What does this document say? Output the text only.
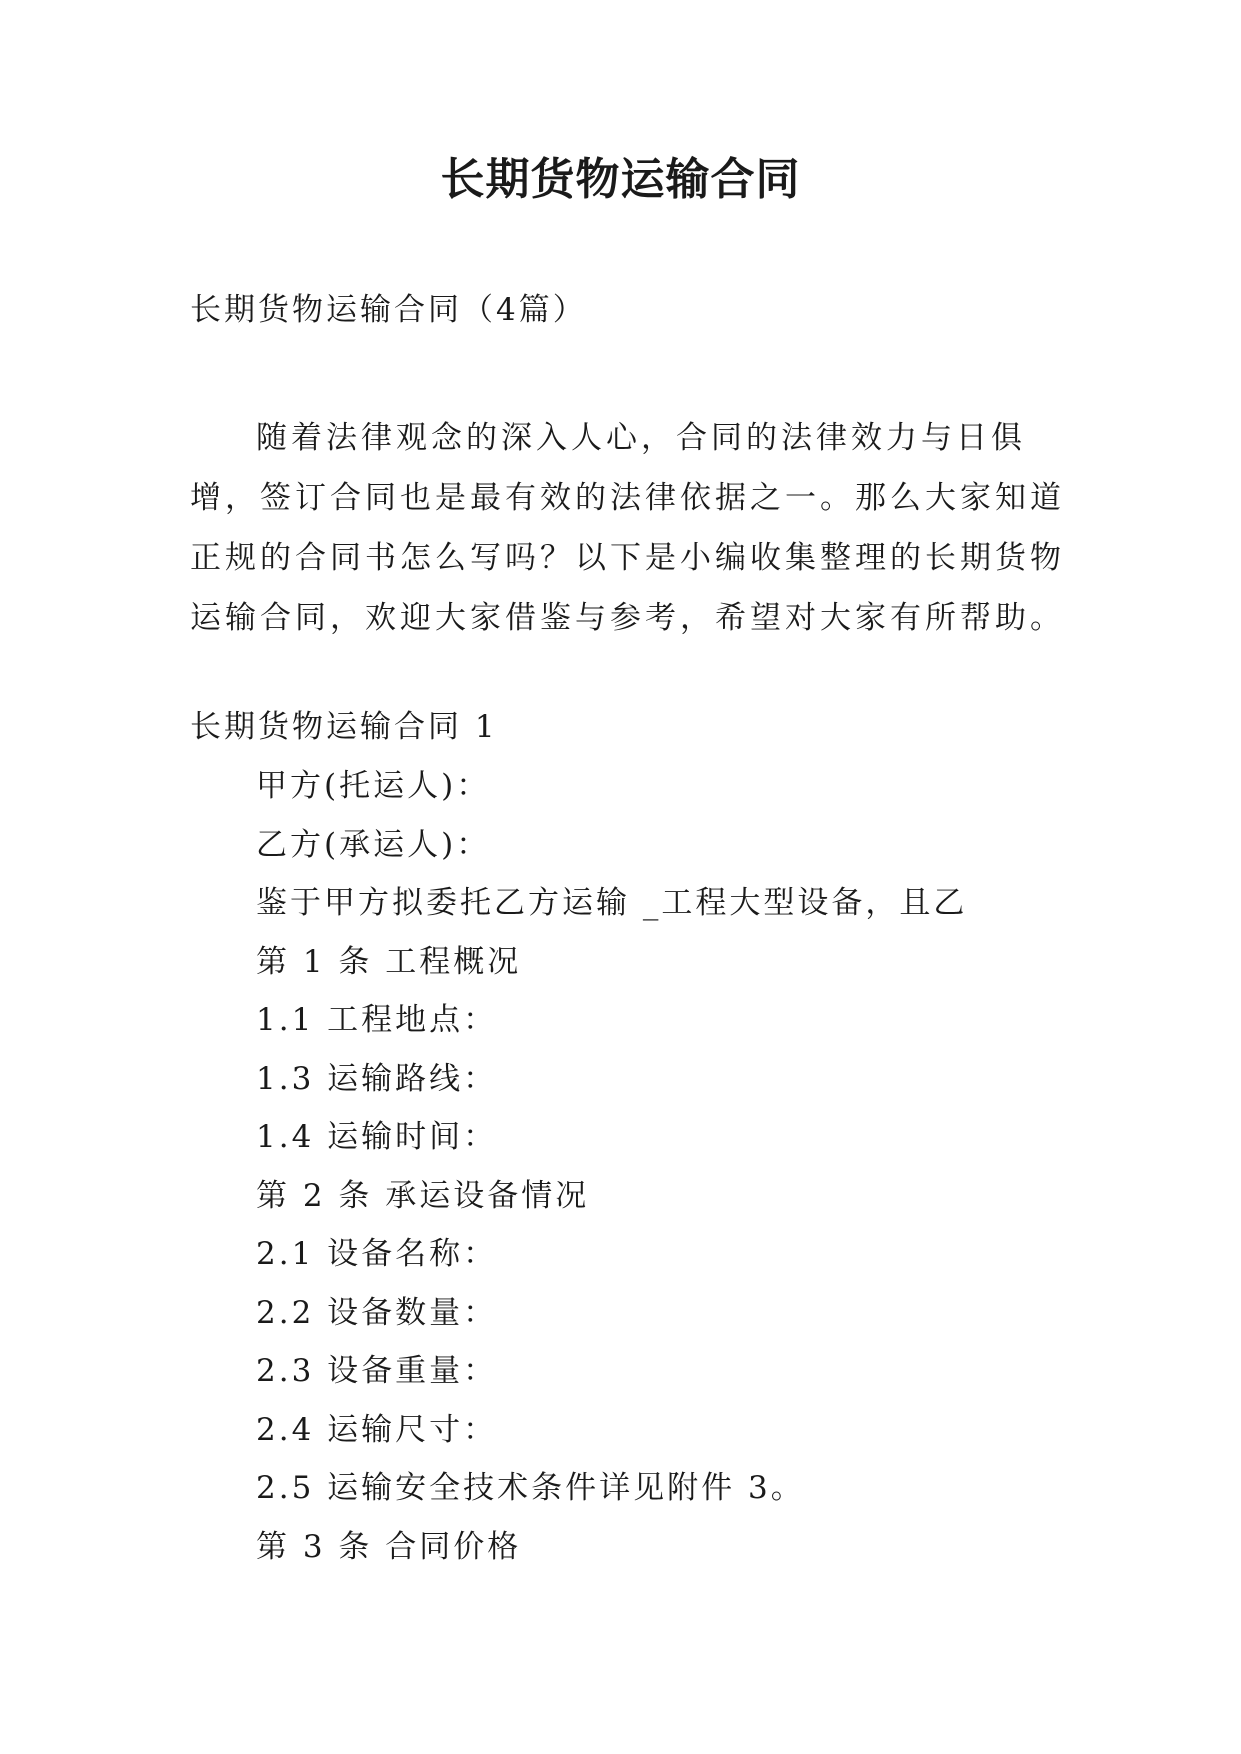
长期货物运输合同
长期货物运输合同（4篇）

随着法律观念的深入人心，合同的法律效力与日俱增，签订合同也是最有效的法律依据之一。那么大家知道正规的合同书怎么写吗？以下是小编收集整理的长期货物运输合同，欢迎大家借鉴与参考，希望对大家有所帮助。

长期货物运输合同 1
甲方(托运人)：
乙方(承运人)：
鉴于甲方拟委托乙方运输 _工程大型设备，且乙
第 1 条 工程概况
1.1 工程地点：
1.3 运输路线：
1.4 运输时间：
第 2 条 承运设备情况
2.1 设备名称：
2.2 设备数量：
2.3 设备重量：
2.4 运输尺寸：
2.5 运输安全技术条件详见附件 3。
第 3 条 合同价格
